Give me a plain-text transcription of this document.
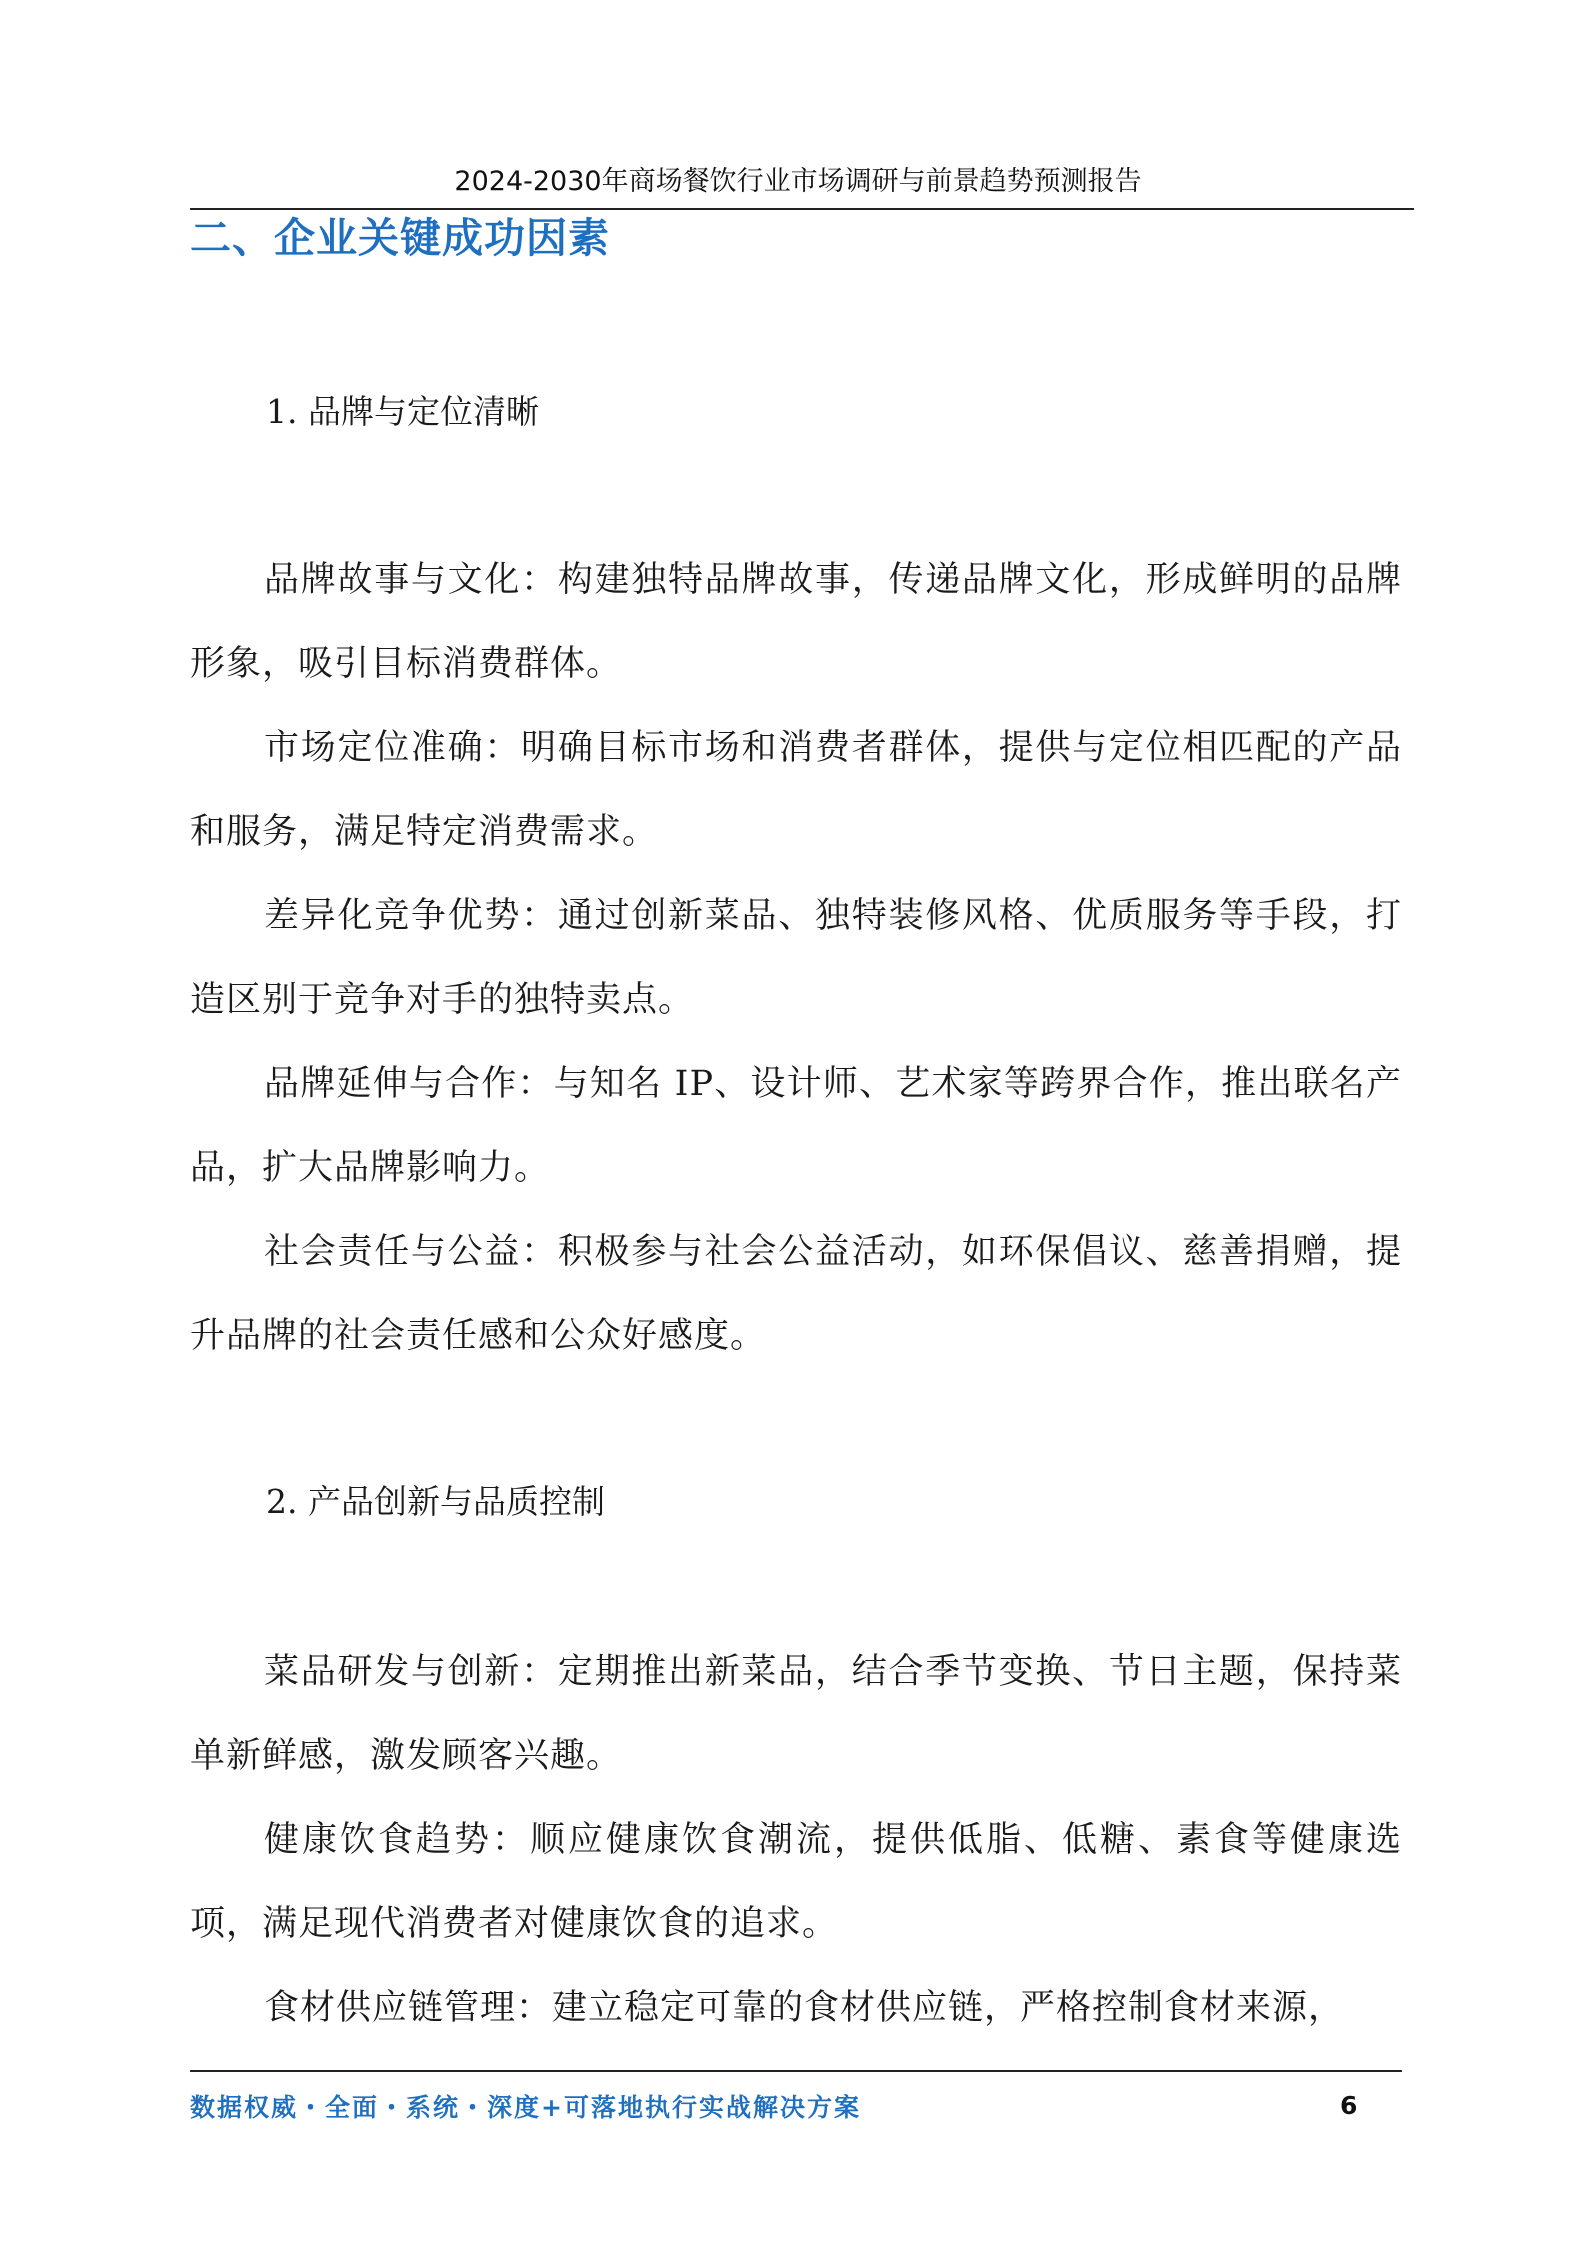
2024-2030年商场餐饮行业市场调研与前景趋势预测报告
二、企业关键成功因素
1. 品牌与定位清晰
品牌故事与文化：构建独特品牌故事，传递品牌文化，形成鲜明的品牌形象，吸引目标消费群体。
市场定位准确：明确目标市场和消费者群体，提供与定位相匹配的产品和服务，满足特定消费需求。
差异化竞争优势：通过创新菜品、独特装修风格、优质服务等手段，打造区别于竞争对手的独特卖点。
品牌延伸与合作：与知名 IP、设计师、艺术家等跨界合作，推出联名产品，扩大品牌影响力。
社会责任与公益：积极参与社会公益活动，如环保倡议、慈善捐赠，提升品牌的社会责任感和公众好感度。
2. 产品创新与品质控制
菜品研发与创新：定期推出新菜品，结合季节变换、节日主题，保持菜单新鲜感，激发顾客兴趣。
健康饮食趋势：顺应健康饮食潮流，提供低脂、低糖、素食等健康选项，满足现代消费者对健康饮食的追求。
食材供应链管理：建立稳定可靠的食材供应链，严格控制食材来源，
数据权威・全面・系统・深度+可落地执行实战解决方案	6
